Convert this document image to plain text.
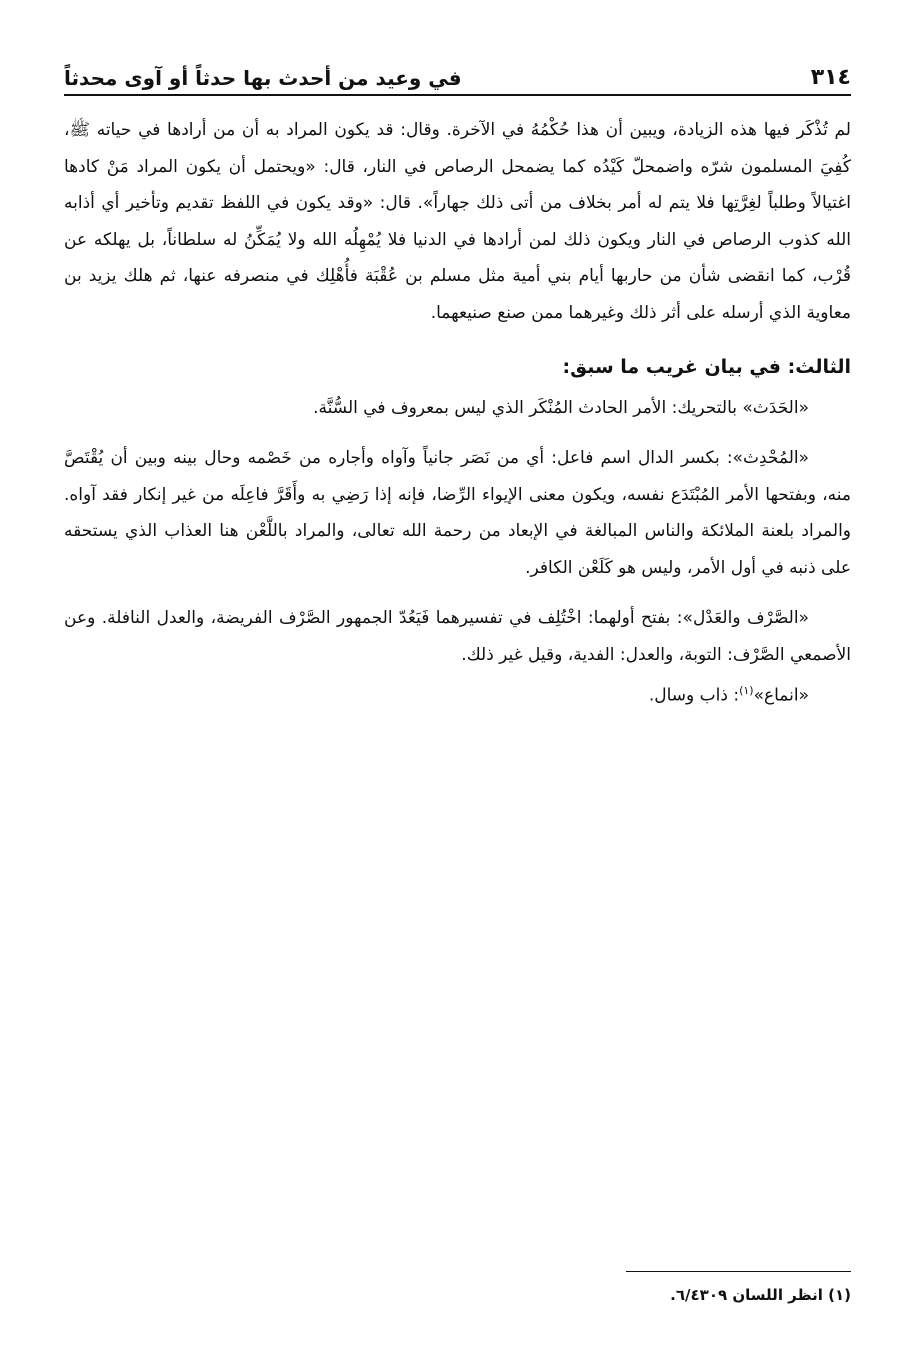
٣١٤
في وعيد من أحدث بها حدثاً أو آوى محدثاً

لم تُذْكَر فيها هذه الزيادة، ويبين أن هذا حُكْمُهُ في الآخرة. وقال: قد يكون المراد به أن من أرادها في حياته ﷺ، كُفِيَ المسلمون شرّه واضمحلّ كَيْدُه كما يضمحل الرصاص في النار، قال: «ويحتمل أن يكون المراد مَنْ كادها اغتيالاً وطلباً لغِرَّتِها فلا يتم له أمر بخلاف من أتى ذلك جهاراً». قال: «وقد يكون في اللفظ تقديم وتأخير أي أذابه الله كذوب الرصاص في النار ويكون ذلك لمن أرادها في الدنيا فلا يُمْهِلُه الله ولا يُمَكِّنُ له سلطاناً، بل يهلكه عن قُرْب، كما انقضى شأن من حاربها أيام بني أمية مثل مسلم بن عُقْبَة فأُهْلِك في منصرفه عنها، ثم هلك يزيد بن معاوية الذي أرسله على أثر ذلك وغيرهما ممن صنع صنيعهما.

الثالث: في بيان غريب ما سبق:

«الحَدَث» بالتحريك: الأمر الحادث المُنْكَر الذي ليس بمعروف في السُّنَّة.

«المُحْدِث»: بكسر الدال اسم فاعل: أي من نَصَر جانياً وآواه وأجاره من خَصْمه وحال بينه وبين أن يُقْتَصَّ منه، وبفتحها الأمر المُبْتَدَع نفسه، ويكون معنى الإيواء الرِّضا، فإنه إذا رَضِي به وأَقَرَّ فاعِلَه من غير إنكار فقد آواه. والمراد بلعنة الملائكة والناس المبالغة في الإبعاد من رحمة الله تعالى، والمراد باللَّعْن هنا العذاب الذي يستحقه على ذنبه في أول الأمر، وليس هو كَلَعْن الكافر.

«الصَّرْف والعَدْل»: بفتح أولهما: اخْتُلِف في تفسيرهما فَيَعُدّ الجمهور الصَّرْف الفريضة، والعدل النافلة. وعن الأصمعي الصَّرْف: التوبة، والعدل: الفدية، وقيل غير ذلك.

«انماع»$^{(١)}$: ذاب وسال.

(١) انظر اللسان ٦/٤٣٠٩.
